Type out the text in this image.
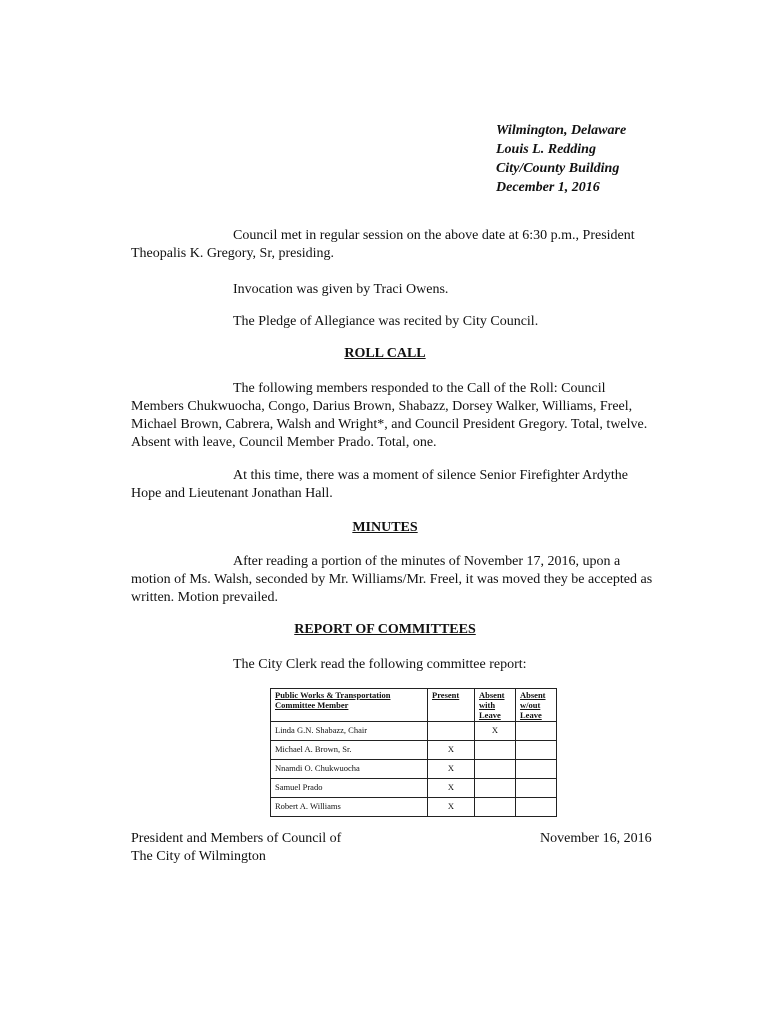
Wilmington, Delaware
Louis L. Redding
City/County Building
December 1, 2016
Council met in regular session on the above date at 6:30 p.m., President Theopalis K. Gregory, Sr, presiding.
Invocation was given by Traci Owens.
The Pledge of Allegiance was recited by City Council.
ROLL CALL
The following members responded to the Call of the Roll: Council Members Chukwuocha, Congo, Darius Brown, Shabazz, Dorsey Walker, Williams, Freel, Michael Brown, Cabrera, Walsh and Wright*, and Council President Gregory. Total, twelve. Absent with leave, Council Member Prado. Total, one.
At this time, there was a moment of silence Senior Firefighter Ardythe Hope and Lieutenant Jonathan Hall.
MINUTES
After reading a portion of the minutes of November 17, 2016, upon a motion of Ms. Walsh, seconded by Mr. Williams/Mr. Freel, it was moved they be accepted as written. Motion prevailed.
REPORT OF COMMITTEES
The City Clerk read the following committee report:
Public Works & Transportation Committee Member	Present	Absent with Leave	Absent w/out Leave
Linda G.N. Shabazz, Chair		X	
Michael A. Brown, Sr.	X		
Nnamdi O. Chukwuocha	X		
Samuel Prado	X		
Robert A. Williams	X		
President and Members of Council of
The City of Wilmington
November 16, 2016
